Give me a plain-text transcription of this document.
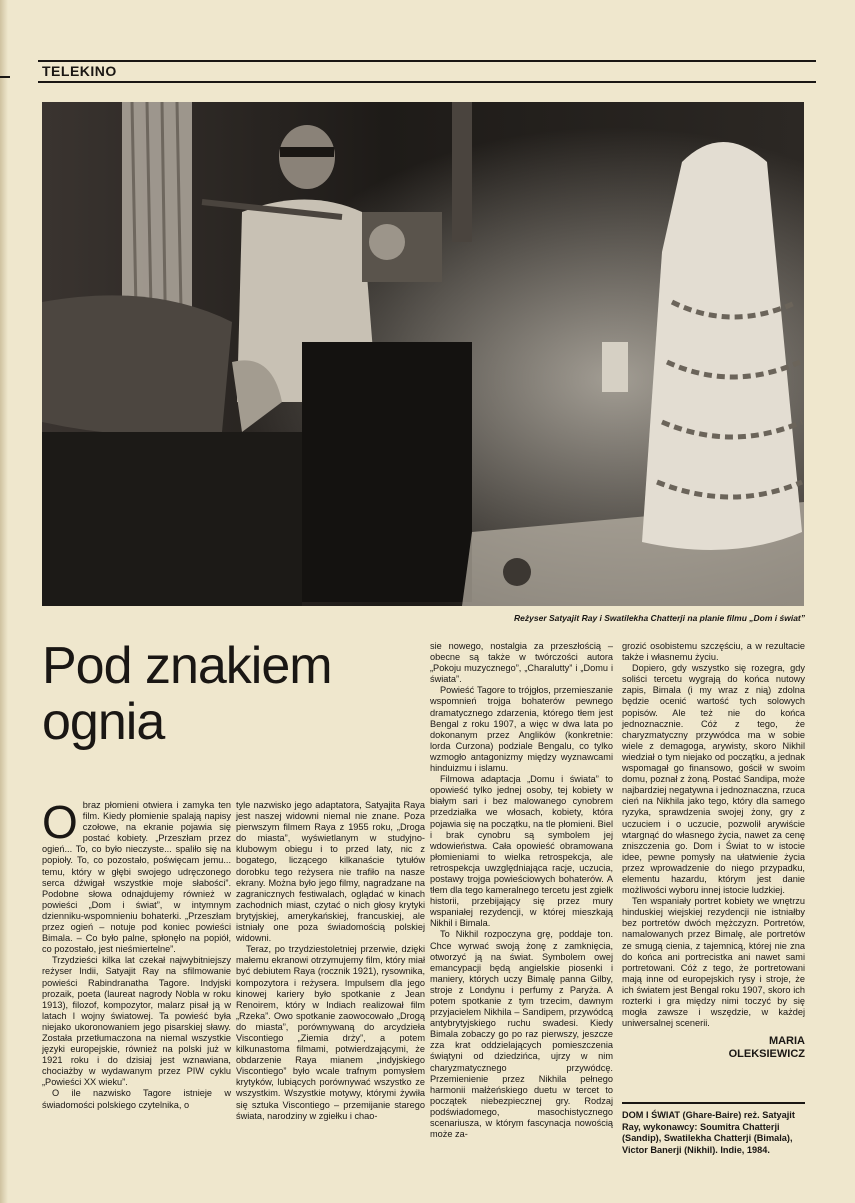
TELEKINO
Reżyser Satyajit Ray i Swatilekha Chatterji na planie filmu „Dom i świat”
Pod znakiem
ognia
O braz płomieni otwiera i zamyka ten film. Kiedy płomienie spalają napisy czołowe, na ekranie pojawia się postać kobiety. „Przeszłam przez ogień... To, co było nieczyste... spaliło się na popioły. To, co pozostało, poświęcam jemu... temu, który w głębi swojego udręczonego serca dźwigał wszystkie moje słabości”. Podobne słowa odnajdujemy również w powieści „Dom i świat”, w intymnym dzienniku-wspomnieniu bohaterki. „Przeszłam przez ogień – notuje pod koniec powieści Bimala. – Co było palne, spłonęło na popiół, co pozostało, jest nieśmiertelne”.

Trzydzieści kilka lat czekał najwybitniejszy reżyser Indii, Satyajit Ray na sfilmowanie powieści Rabindranatha Tagore. Indyjski prozaik, poeta (laureat nagrody Nobla w roku 1913), filozof, kompozytor, malarz pisał ją w latach I wojny światowej. Ta powieść była niejako ukoronowaniem jego pisarskiej sławy. Została przetłumaczona na niemal wszystkie języki europejskie, również na polski już w 1921 roku i do dzisiaj jest wznawiana, chociażby w wydawanym przez PIW cyklu „Powieści XX wieku”.

O ile nazwisko Tagore istnieje w świadomości polskiego czytelnika, o

tyle nazwisko jego adaptatora, Satyajita Raya jest naszej widowni niemal nie znane. Poza pierwszym filmem Raya z 1955 roku, „Droga do miasta”, wyświetlanym w studyjno-klubowym obiegu i to przed laty, nic z bogatego, liczącego kilkanaście tytułów dorobku tego reżysera nie trafiło na nasze ekrany. Można było jego filmy, nagradzane na zagranicznych festiwalach, oglądać w kinach zachodnich miast, czytać o nich głosy krytyki brytyjskiej, amerykańskiej, francuskiej, ale istniały one poza świadomością polskiej widowni.

Teraz, po trzydziestoletniej przerwie, dzięki małemu ekranowi otrzymujemy film, który miał być debiutem Raya (rocznik 1921), rysownika, kompozytora i reżysera. Impulsem dla jego kinowej kariery było spotkanie z Jean Renoirem, który w Indiach realizował film „Rzeka”. Owo spotkanie zaowocowało „Drogą do miasta”, porównywaną do arcydzieła Viscontiego „Ziemia drży”, a potem kilkunastoma filmami, potwierdzającymi, że obdarzenie Raya mianem „indyjskiego Viscontiego” było wcale trafnym pomysłem krytyków, lubiących porównywać wszystko ze wszystkim. Wszystkie motywy, którymi żywiła się sztuka Viscontiego – przemijanie starego świata, narodziny w zgiełku i chao-

sie nowego, nostalgia za przeszłością – obecne są także w twórczości autora „Pokoju muzycznego”, „Charalutty” i „Domu i świata”.

Powieść Tagore to trójgłos, przemieszanie wspomnień trojga bohaterów pewnego dramatycznego zdarzenia, którego tłem jest Bengal z roku 1907, a więc w dwa lata po dokonanym przez Anglików (konkretnie: lorda Curzona) podziale Bengalu, co tylko wzmogło antagonizmy między wyznawcami hinduizmu i islamu.

Filmowa adaptacja „Domu i świata” to opowieść tylko jednej osoby, tej kobiety w białym sari i bez malowanego cynobrem przedziałka we włosach, kobiety, która pojawia się na początku, na tle płomieni. Biel i brak cynobru są symbolem jej wdowieństwa. Cała opowieść obramowana płomieniami to wielka retrospekcja, ale retrospekcja uwzględniająca racje, uczucia, postawy trojga powieściowych bohaterów. A tłem dla tego kameralnego tercetu jest zgiełk historii, przebijający się przez mury wspaniałej rezydencji, w której mieszkają Nikhil i Bimala.

To Nikhil rozpoczyna grę, poddaje ton. Chce wyrwać swoją żonę z zamknięcia, otworzyć ją na świat. Symbolem owej emancypacji będą angielskie piosenki i maniery, których uczy Bimalę panna Gilby, stroje z Londynu i perfumy z Paryża. A potem spotkanie z tym trzecim, dawnym przyjacielem Nikhila – Sandipem, przywódcą antybrytyjskiego ruchu swadesi. Kiedy Bimala zobaczy go po raz pierwszy, jeszcze zza krat oddzielających pomieszczenia świątyni od dziedzińca, ujrzy w nim charyzmatycznego przywódcę. Przemienienie przez Nikhila pełnego harmonii małżeńskiego duetu w tercet to początek niebezpiecznej gry. Rodzaj podświadomego, masochistycznego scenariusza, w którym fascynacja nowością może za-

grozić osobistemu szczęściu, a w rezultacie także i własnemu życiu.

Dopiero, gdy wszystko się rozegra, gdy soliści tercetu wygrają do końca nutowy zapis, Bimala (i my wraz z nią) zdolna będzie ocenić wartość tych solowych popisów. Ale też nie do końca jednoznacznie. Cóż z tego, że charyzmatyczny przywódca ma w sobie wiele z demagoga, arywisty, skoro Nikhil wiedział o tym niejako od początku, a jednak wspomagał go finansowo, gościł w swoim domu, poznał z żoną. Postać Sandipa, może najbardziej negatywna i jednoznaczna, rzuca cień na Nikhila jako tego, który dla samego ryzyka, sprawdzenia swojej żony, gry z uczuciem i o uczucie, pozwolił arywiście wtargnąć do własnego życia, nawet za cenę zniszczenia go. Dom i Świat to w istocie idee, pewne pomysły na ułatwienie życia przez wprowadzenie do niego przypadku, elementu hazardu, którym jest danie możliwości wyboru innej istocie ludzkiej.

Ten wspaniały portret kobiety we wnętrzu hinduskiej wiejskiej rezydencji nie istniałby bez portretów dwóch mężczyzn. Portretów, namalowanych przez Bimalę, ale portretów ze smugą cienia, z tajemnicą, której nie zna do końca ani portrecistka ani nawet sami portretowani. Cóż z tego, że portretowani mają inne od europejskich rysy i stroje, że ich światem jest Bengal roku 1907, skoro ich rozterki i gra między nimi toczyć by się mogła zawsze i wszędzie, w każdej uniwersalnej scenerii.

MARIA
OLEKSIEWICZ
DOM I ŚWIAT (Ghare-Baire) reż. Satyajit Ray, wykonawcy: Soumitra Chatterji (Sandip), Swatilekha Chatterji (Bimala), Victor Banerji (Nikhil). Indie, 1984.
